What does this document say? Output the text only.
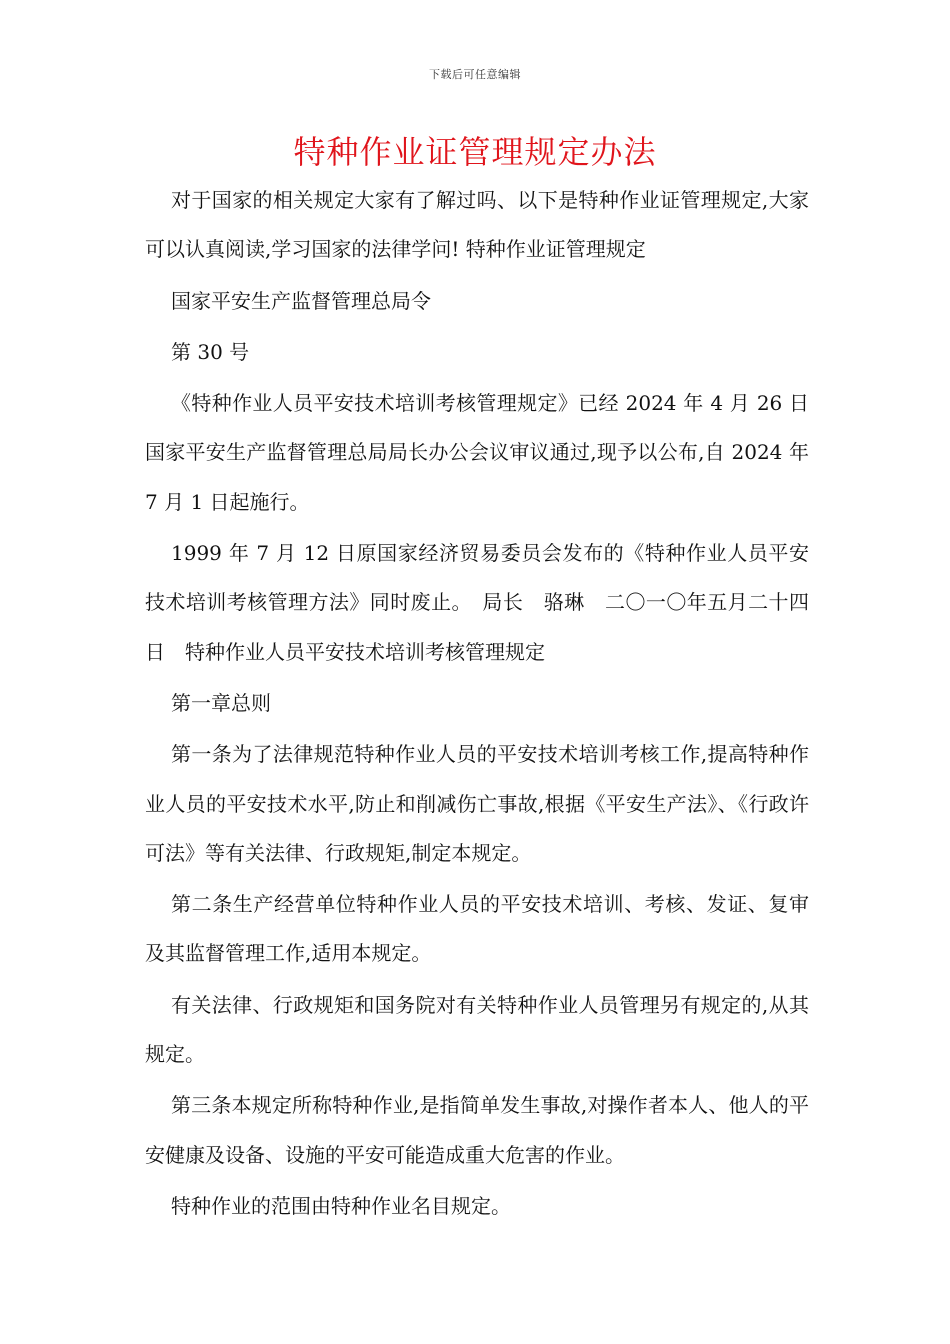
下载后可任意编辑
特种作业证管理规定办法

对于国家的相关规定大家有了解过吗、以下是特种作业证管理规定,大家可以认真阅读,学习国家的法律学问! 特种作业证管理规定

国家平安生产监督管理总局令

第 30 号

《特种作业人员平安技术培训考核管理规定》已经 2024 年 4 月 26 日国家平安生产监督管理总局局长办公会议审议通过,现予以公布,自 2024 年 7 月 1 日起施行。

1999 年 7 月 12 日原国家经济贸易委员会发布的《特种作业人员平安技术培训考核管理方法》同时废止。　局长　骆琳　二〇一〇年五月二十四日　特种作业人员平安技术培训考核管理规定

第一章总则

第一条为了法律规范特种作业人员的平安技术培训考核工作,提高特种作业人员的平安技术水平,防止和削减伤亡事故,根据《平安生产法》、《行政许可法》等有关法律、行政规矩,制定本规定。

第二条生产经营单位特种作业人员的平安技术培训、考核、发证、复审及其监督管理工作,适用本规定。

有关法律、行政规矩和国务院对有关特种作业人员管理另有规定的,从其规定。

第三条本规定所称特种作业,是指简单发生事故,对操作者本人、他人的平安健康及设备、设施的平安可能造成重大危害的作业。

特种作业的范围由特种作业名目规定。
